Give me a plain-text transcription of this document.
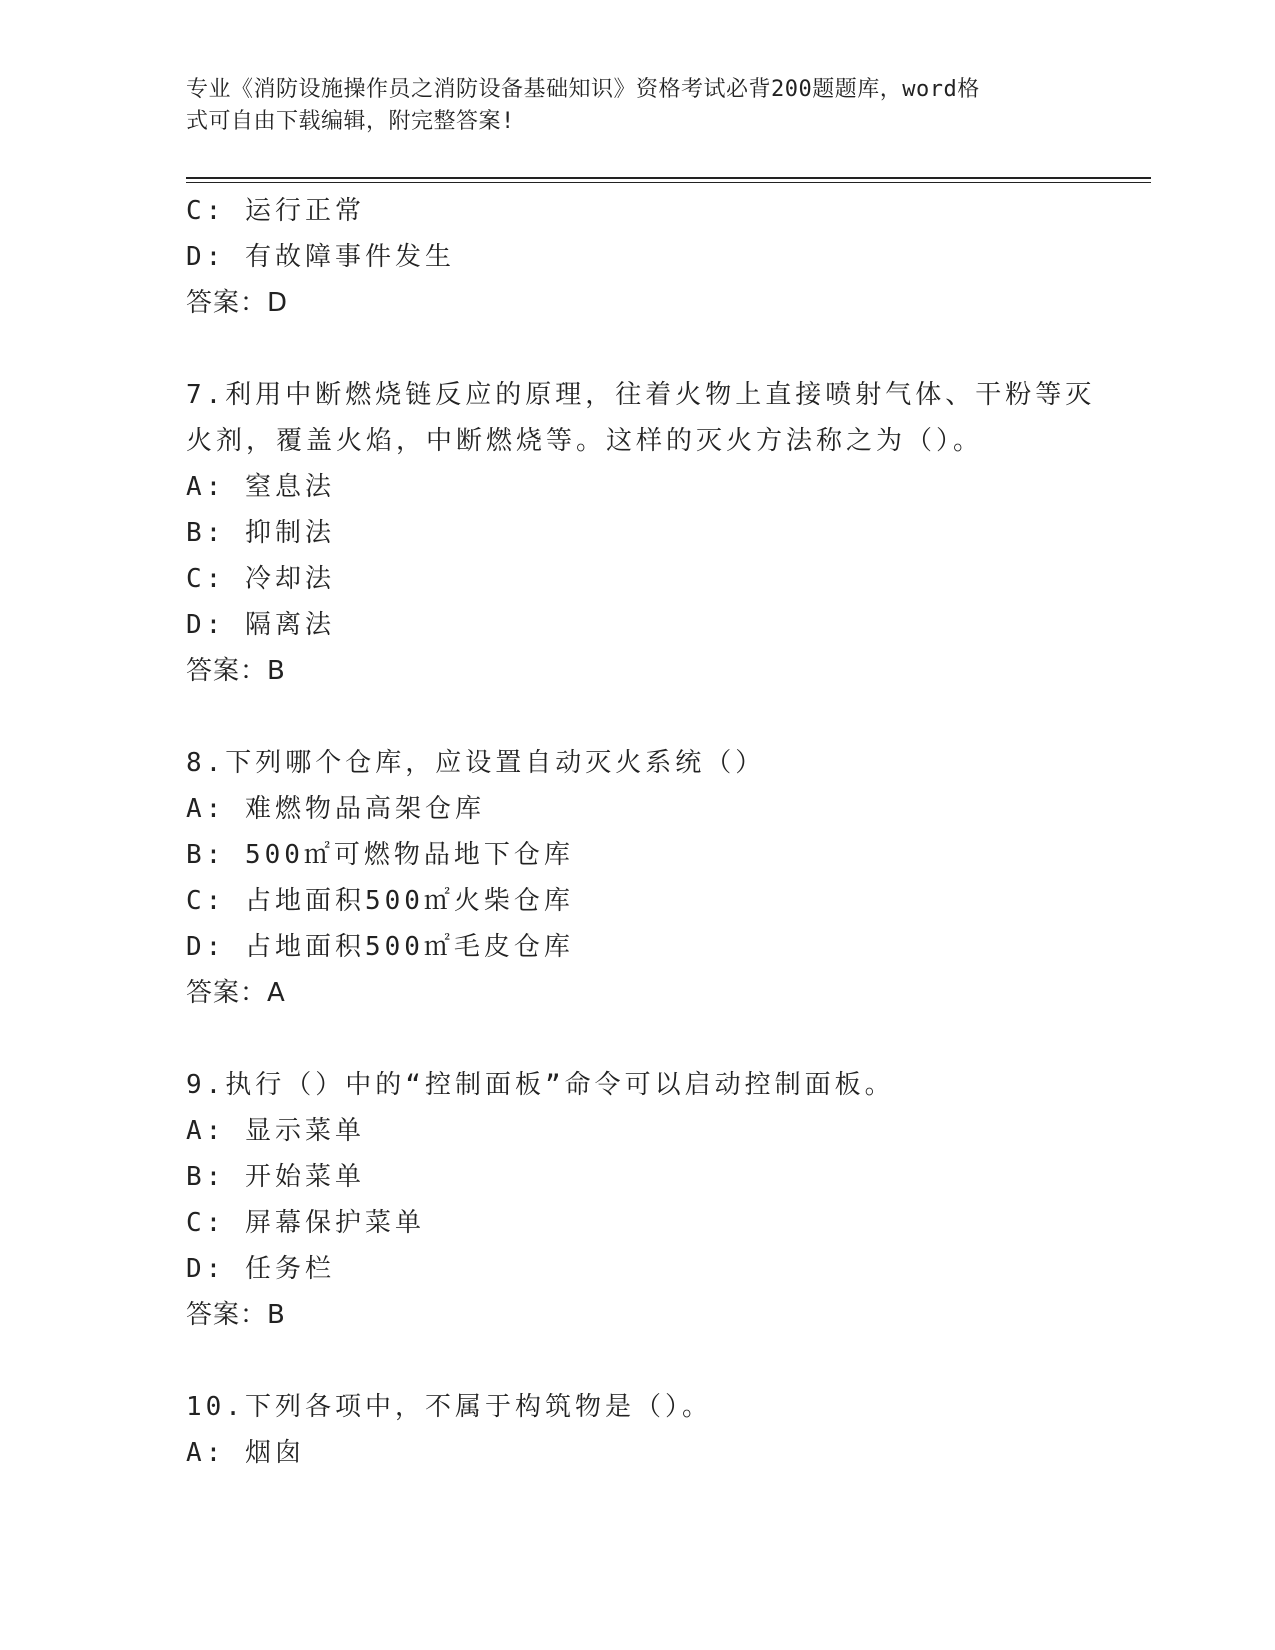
专业《消防设施操作员之消防设备基础知识》资格考试必背200题题库，word格
式可自由下载编辑，附完整答案!
C: 运行正常
D: 有故障事件发生
答案：D
7.利用中断燃烧链反应的原理，往着火物上直接喷射气体、干粉等灭
火剂，覆盖火焰，中断燃烧等。这样的灭火方法称之为（）。
A: 窒息法
B: 抑制法
C: 冷却法
D: 隔离法
答案：B
8.下列哪个仓库，应设置自动灭火系统（）
A: 难燃物品高架仓库
B: 500㎡可燃物品地下仓库
C: 占地面积500㎡火柴仓库
D: 占地面积500㎡毛皮仓库
答案：A
9.执行（）中的“控制面板”命令可以启动控制面板。
A: 显示菜单
B: 开始菜单
C: 屏幕保护菜单
D: 任务栏
答案：B
10.下列各项中，不属于构筑物是（）。
A: 烟囱
